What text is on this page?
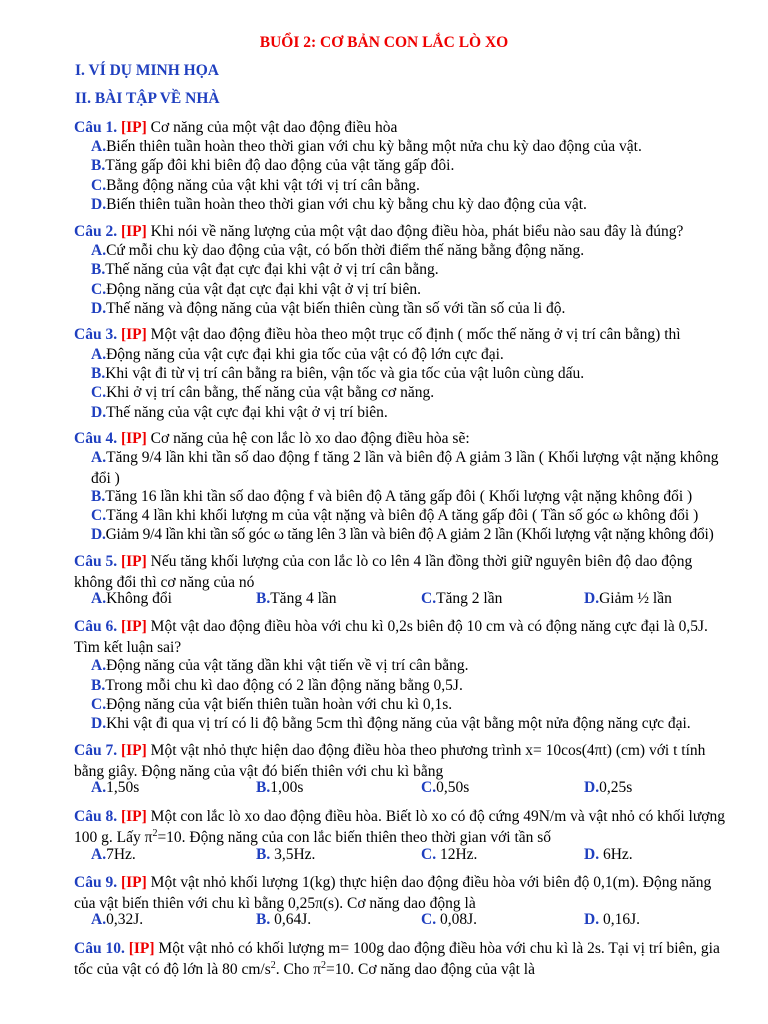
BUỔI 2: CƠ BẢN CON LẮC LÒ XO
I. VÍ DỤ MINH HỌA
II. BÀI TẬP VỀ NHÀ
Câu 1. [IP] Cơ năng của một vật dao động điều hòa
A.Biến thiên tuần hoàn theo thời gian với chu kỳ bằng một nửa chu kỳ dao động của vật.
B.Tăng gấp đôi khi biên độ dao động của vật tăng gấp đôi.
C.Bằng động năng của vật khi vật tới vị trí cân bằng.
D.Biến thiên tuần hoàn theo thời gian với chu kỳ bằng chu kỳ dao động của vật.
Câu 2. [IP] Khi nói về năng lượng của một vật dao động điều hòa, phát biểu nào sau đây là đúng?
A.Cứ mỗi chu kỳ dao động của vật, có bốn thời điểm thế năng bằng động năng.
B.Thế năng của vật đạt cực đại khi vật ở vị trí cân bằng.
C.Động năng của vật đạt cực đại khi vật ở vị trí biên.
D.Thế năng và động năng của vật biến thiên cùng tần số với tần số của li độ.
Câu 3. [IP] Một vật dao động điều hòa theo một trục cố định ( mốc thế năng ở vị trí cân bằng) thì
A.Động năng của vật cực đại khi gia tốc của vật có độ lớn cực đại.
B.Khi vật đi từ vị trí cân bằng ra biên, vận tốc và gia tốc của vật luôn cùng dấu.
C.Khi ở vị trí cân bằng, thế năng của vật bằng cơ năng.
D.Thế năng của vật cực đại khi vật ở vị trí biên.
Câu 4. [IP] Cơ năng của hệ con lắc lò xo dao động điều hòa sẽ:
A.Tăng 9/4 lần khi tần số dao động f tăng 2 lần và biên độ A giảm 3 lần ( Khối lượng vật nặng không đổi )
B.Tăng 16 lần khi tần số dao động f và biên độ A tăng gấp đôi ( Khối lượng vật nặng không đổi )
C.Tăng 4 lần khi khối lượng m của vật nặng và biên độ A tăng gấp đôi ( Tần số góc ω không đổi )
D.Giảm 9/4 lần khi tần số góc ω tăng lên 3 lần và biên độ A giảm 2 lần (Khối lượng vật nặng không đổi)
Câu 5. [IP] Nếu tăng khối lượng của con lắc lò co lên 4 lần đồng thời giữ nguyên biên độ dao động không đổi thì cơ năng của nó
A.Không đổi	B.Tăng 4 lần	C.Tăng 2 lần	D.Giảm ½ lần
Câu 6. [IP] Một vật dao động điều hòa với chu kì 0,2s biên độ 10 cm và có động năng cực đại là 0,5J. Tìm kết luận sai?
A.Động năng của vật tăng dần khi vật tiến về vị trí cân bằng.
B.Trong mỗi chu kì dao động có 2 lần động năng bằng 0,5J.
C.Động năng của vật biến thiên tuần hoàn với chu kì 0,1s.
D.Khi vật đi qua vị trí có li độ bằng 5cm thì động năng của vật bằng một nửa động năng cực đại.
Câu 7. [IP] Một vật nhỏ thực hiện dao động điều hòa theo phương trình x= 10cos(4πt) (cm) với t tính bằng giây. Động năng của vật đó biến thiên với chu kì bằng
A.1,50s	B.1,00s	C.0,50s	D.0,25s
Câu 8. [IP] Một con lắc lò xo dao động điều hòa. Biết lò xo có độ cứng 49N/m và vật nhỏ có khối lượng 100 g. Lấy $\pi^2=10$. Động năng của con lắc biến thiên theo thời gian với tần số
A.7Hz.	B. 3,5Hz.	C. 12Hz.	D. 6Hz.
Câu 9. [IP] Một vật nhỏ khối lượng 1(kg) thực hiện dao động điều hòa với biên độ 0,1(m). Động năng của vật biến thiên với chu kì bằng 0,25π(s). Cơ năng dao động là
A.0,32J.	B. 0,64J.	C. 0,08J.	D. 0,16J.
Câu 10. [IP] Một vật nhỏ có khối lượng m= 100g dao động điều hòa với chu kì là 2s. Tại vị trí biên, gia tốc của vật có độ lớn là 80 $cm/s^2$. Cho $\pi^2=10$. Cơ năng dao động của vật là
